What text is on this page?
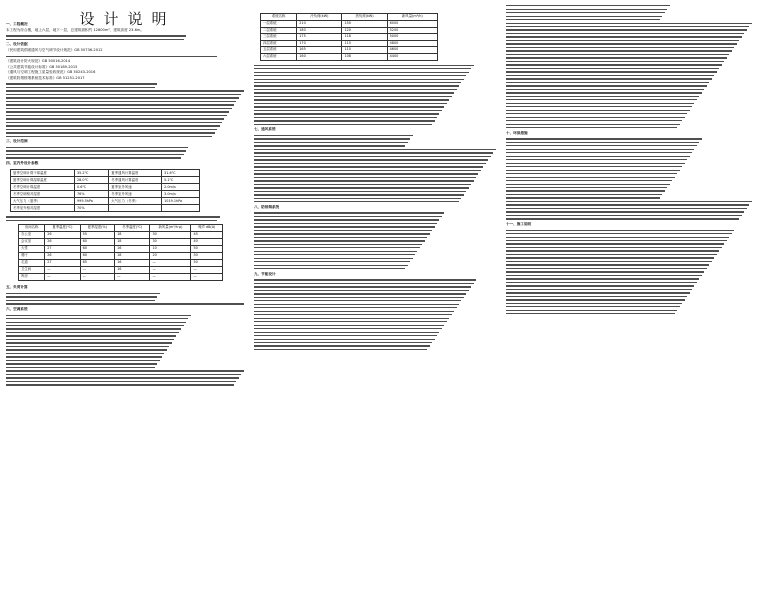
设计说明
一、工程概况
本工程为综合楼，地上六层，地下一层，总建筑面积约 12800m²，建筑高度 23.6m。
二、设计依据
《民用建筑供暖通风与空气调节设计规范》GB 50736-2012
《建筑设计防火规范》GB 50016-2014
《公共建筑节能设计标准》GB 50189-2015
《通风与空调工程施工质量验收规范》GB 50243-2016
《建筑防烟排烟系统技术标准》GB 51251-2017
三、设计范围
四、室内外设计参数
夏季空调计算干球温度	35.2℃	夏季通风计算温度	31.6℃
夏季空调计算湿球温度	28.0℃	冬季通风计算温度	5.1℃
冬季空调计算温度	0.6℃	夏季室外风速	2.0m/s
冬季空调相对湿度	76%	冬季室外风速	3.0m/s
大气压力（夏季）	999.5hPa	大气压力（冬季）	1019.1hPa
冬季室外相对湿度	70%		
房间名称	夏季温度(℃)	夏季湿度(%)	冬季温度(℃)	新风量(m³/h·p)	噪声 dB(A)
办公室	26	55	18	30	45
会议室	26	60	18	30	40
大堂	27	60	16	10	50
餐厅	26	60	18	20	50
走道	27	65	16	—	50
卫生间	—	—	16	—	—
库房	—	—	—	—	—
五、负荷计算
六、空调系统
系统名称	冷负荷(kW)	热负荷(kW)	新风量(m³/h)
一层系统	210	150	6000
二层系统	180	120	5200
三层系统	175	118	5000
四层系统	170	115	4800
五层系统	165	110	4600
六层系统	160	108	4400
七、通风系统
八、防排烟系统
九、节能设计
十、环保措施
十一、施工说明
